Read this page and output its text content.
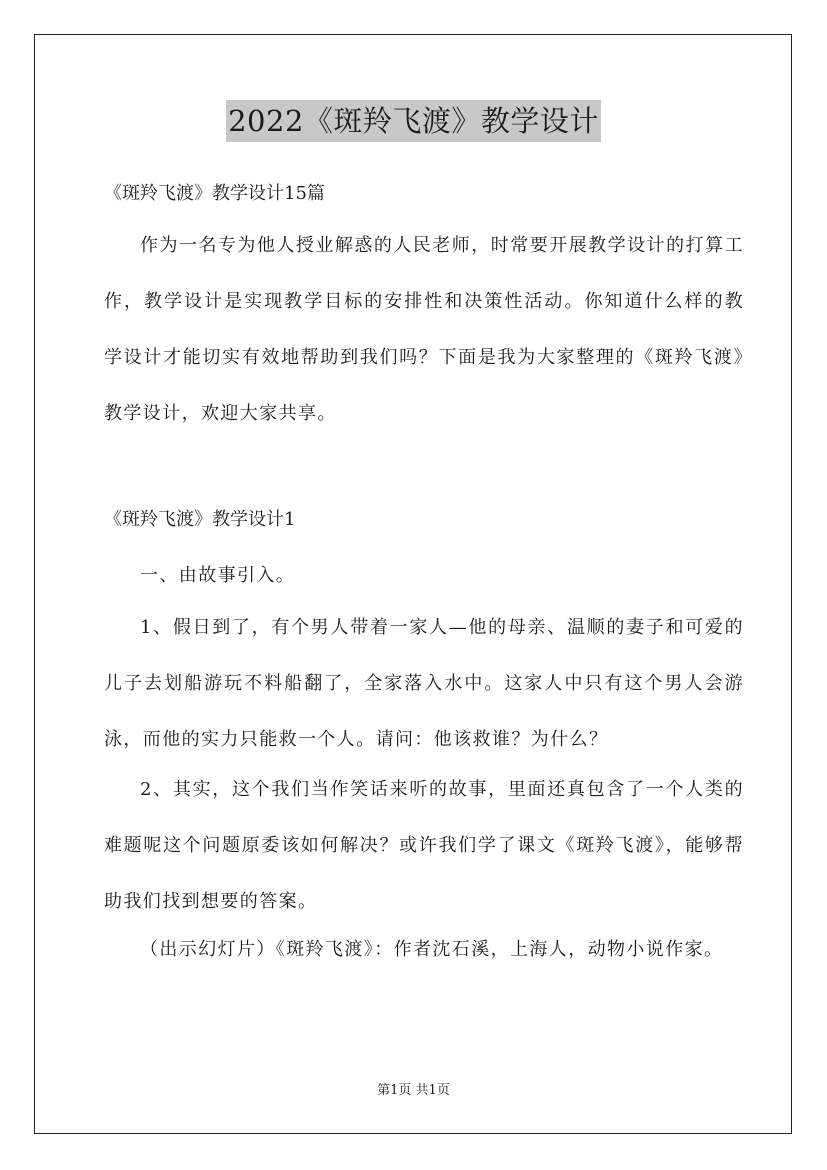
2022《斑羚飞渡》教学设计
《斑羚飞渡》教学设计15篇
作为一名专为他人授业解惑的人民老师，时常要开展教学设计的打算工作，教学设计是实现教学目标的安排性和决策性活动。你知道什么样的教学设计才能切实有效地帮助到我们吗？下面是我为大家整理的《斑羚飞渡》教学设计，欢迎大家共享。
《斑羚飞渡》教学设计1
一、由故事引入。
1、假日到了，有个男人带着一家人—他的母亲、温顺的妻子和可爱的儿子去划船游玩不料船翻了，全家落入水中。这家人中只有这个男人会游泳，而他的实力只能救一个人。请问：他该救谁？为什么？
2、其实，这个我们当作笑话来听的故事，里面还真包含了一个人类的难题呢这个问题原委该如何解决？或许我们学了课文《斑羚飞渡》，能够帮助我们找到想要的答案。
（出示幻灯片）《斑羚飞渡》：作者沈石溪，上海人，动物小说作家。
第1页 共1页
